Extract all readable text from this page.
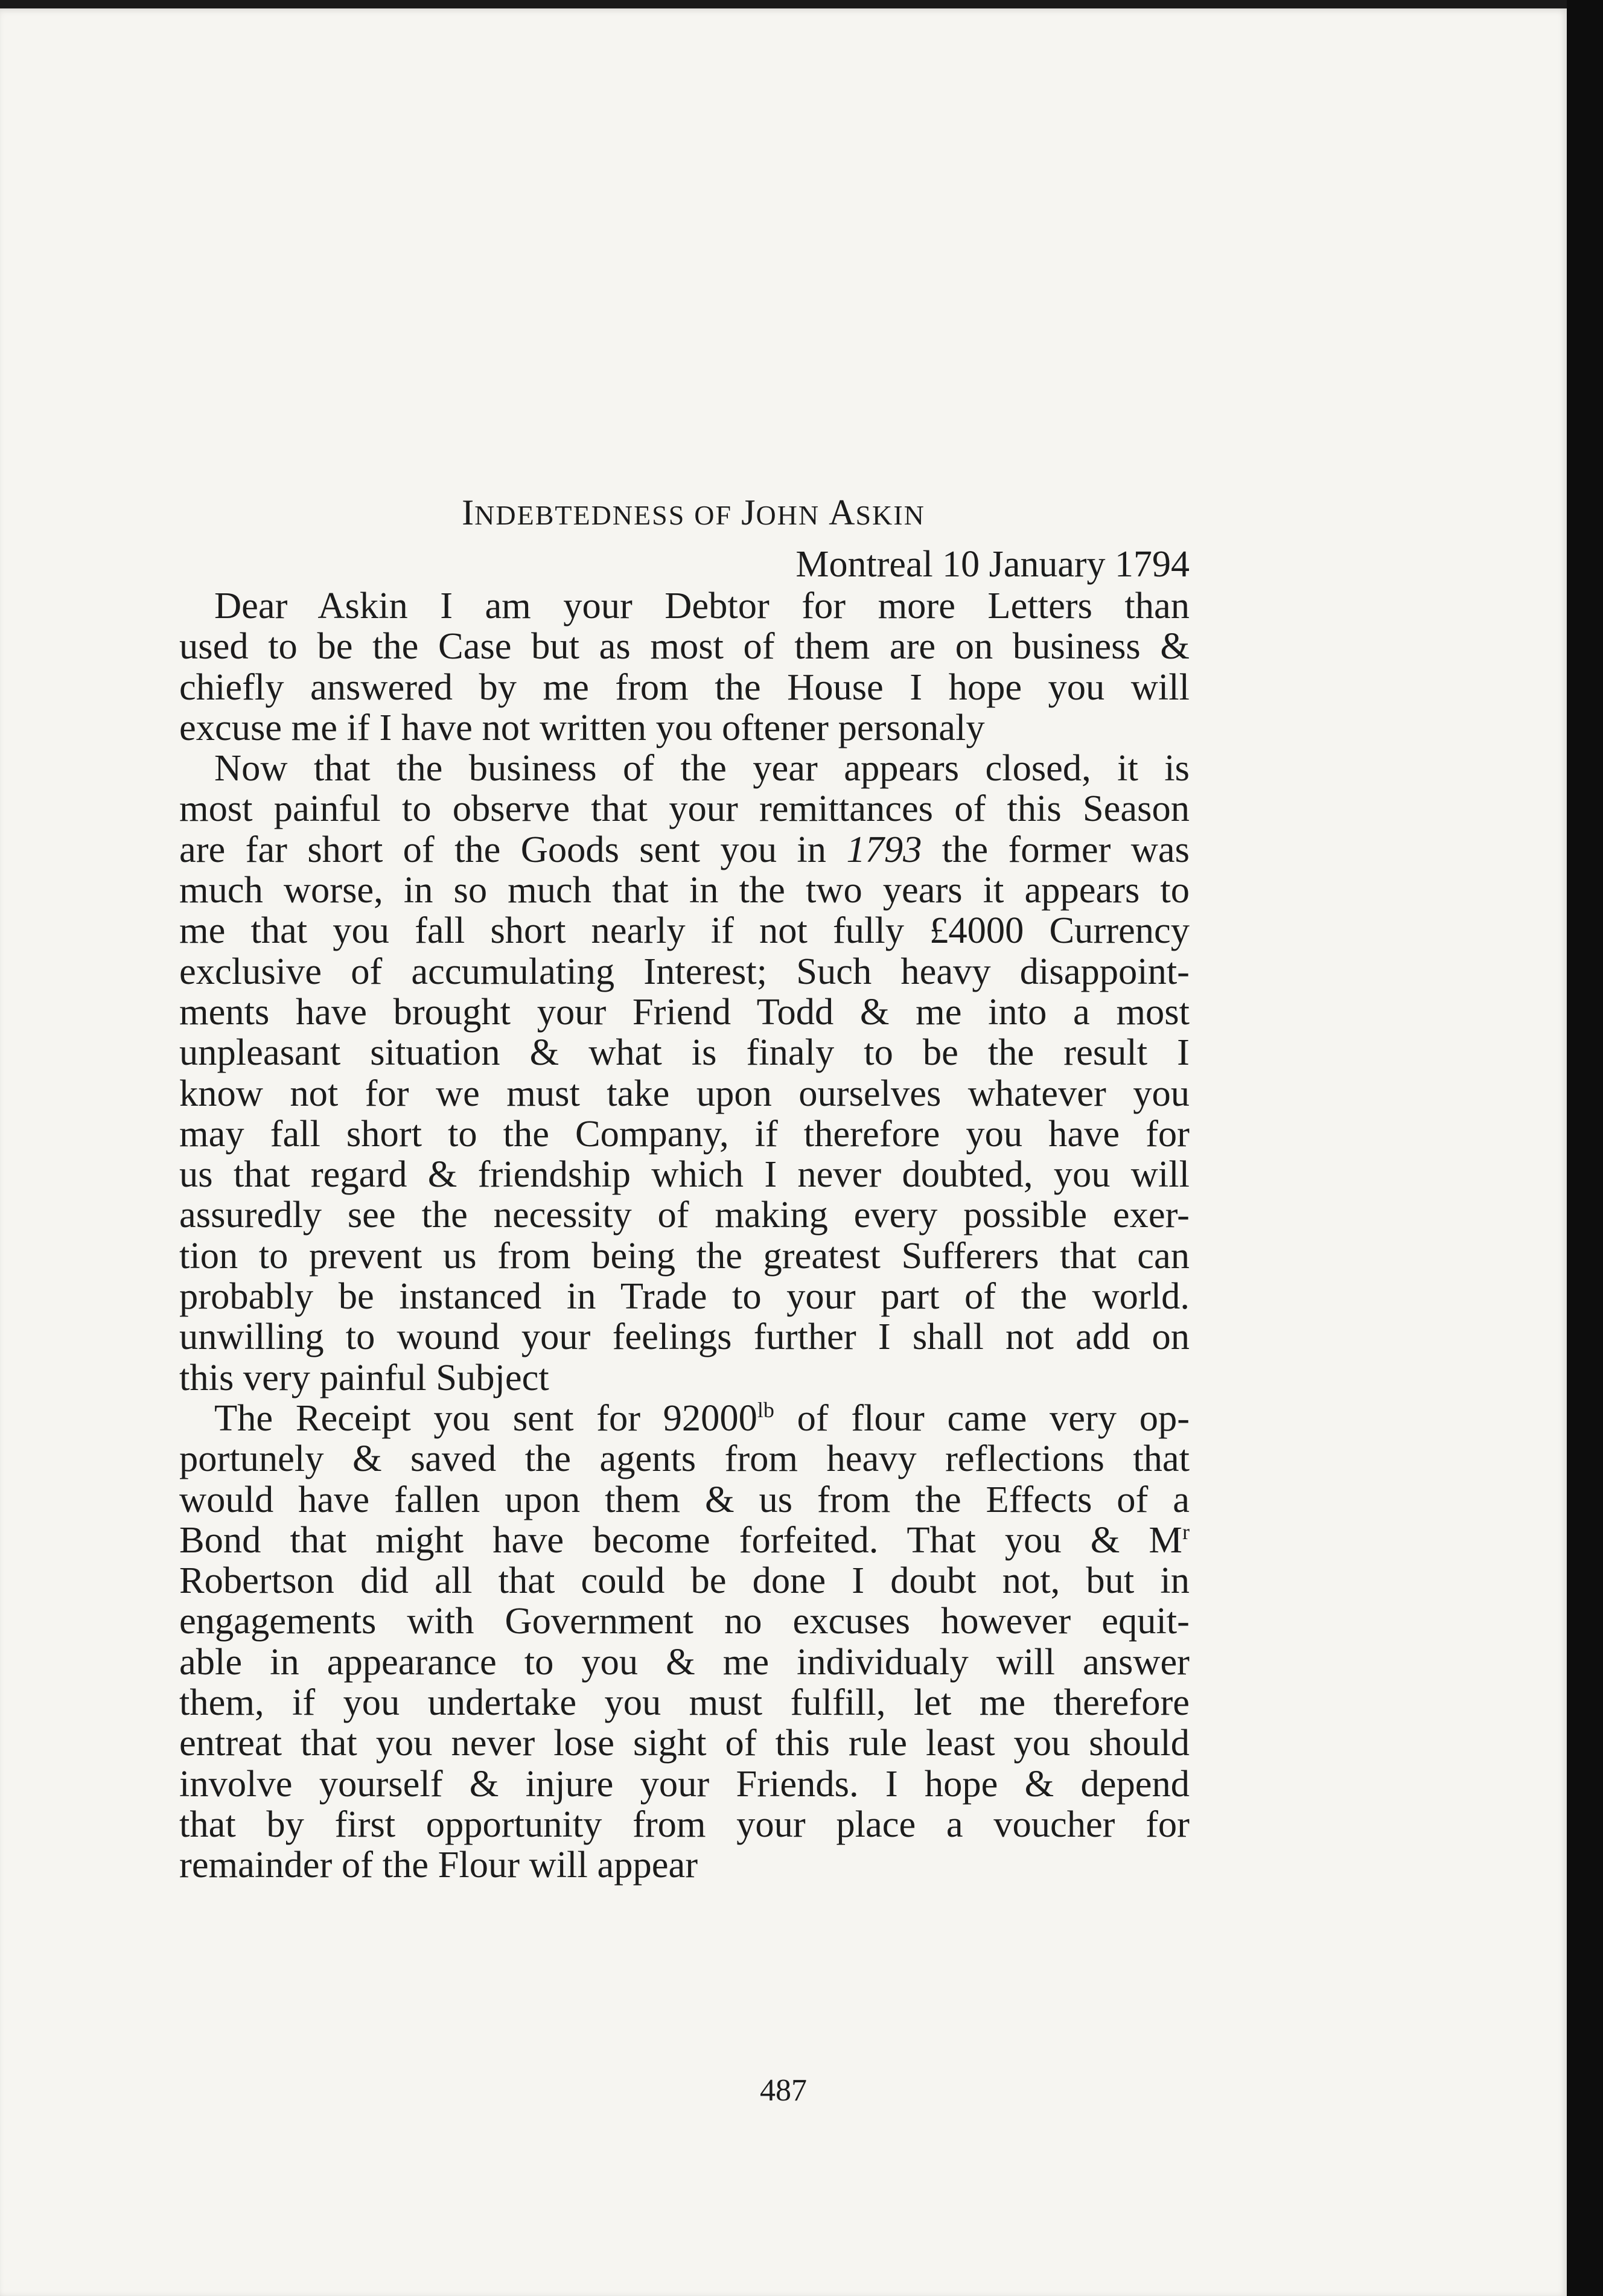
INDEBTEDNESS OF JOHN ASKIN
Montreal 10 January 1794
Dear Askin I am your Debtor for more Letters than
used to be the Case but as most of them are on business &
chiefly answered by me from the House I hope you will
excuse me if I have not written you oftener personaly
Now that the business of the year appears closed, it is
most painful to observe that your remittances of this Season
are far short of the Goods sent you in 1793 the former was
much worse, in so much that in the two years it appears to
me that you fall short nearly if not fully £4000 Currency
exclusive of accumulating Interest; Such heavy disappoint-
ments have brought your Friend Todd & me into a most
unpleasant situation & what is finaly to be the result I
know not for we must take upon ourselves whatever you
may fall short to the Company, if therefore you have for
us that regard & friendship which I never doubted, you will
assuredly see the necessity of making every possible exer-
tion to prevent us from being the greatest Sufferers that can
probably be instanced in Trade to your part of the world.
unwilling to wound your feelings further I shall not add on
this very painful Subject
The Receipt you sent for $92000^{lb}$ of flour came very op-
portunely & saved the agents from heavy reflections that
would have fallen upon them & us from the Effects of a
Bond that might have become forfeited. That you & $M^r$
Robertson did all that could be done I doubt not, but in
engagements with Government no excuses however equit-
able in appearance to you & me individualy will answer
them, if you undertake you must fulfill, let me therefore
entreat that you never lose sight of this rule least you should
involve yourself & injure your Friends. I hope & depend
that by first opportunity from your place a voucher for
remainder of the Flour will appear
487
